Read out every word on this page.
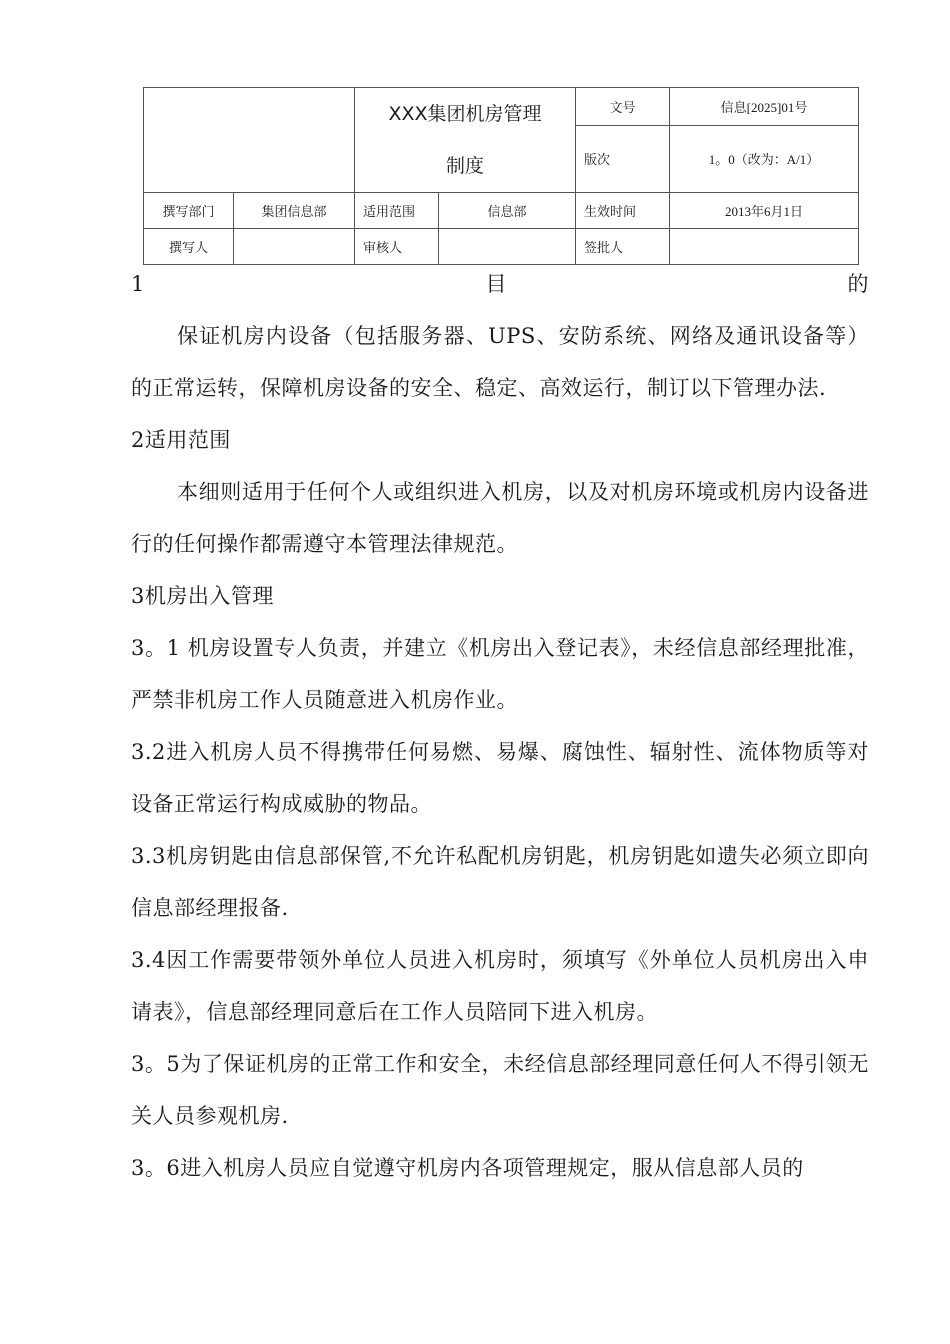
		XXX集团机房管理
制度		文号	信息[2025]01号
				版次	1。0（改为：A/1）
撰写部门	集团信息部	适用范围	信息部	生效时间	2013年6月1日
撰写人		审核人		签批人	
1	目	的

保证机房内设备（包括服务器、UPS、安防系统、网络及通讯设备等）的正常运转，保障机房设备的安全、稳定、高效运行，制订以下管理办法.

2适用范围

本细则适用于任何个人或组织进入机房，以及对机房环境或机房内设备进行的任何操作都需遵守本管理法律规范。

3机房出入管理

3。1 机房设置专人负责，并建立《机房出入登记表》，未经信息部经理批准，严禁非机房工作人员随意进入机房作业。

3.2进入机房人员不得携带任何易燃、易爆、腐蚀性、辐射性、流体物质等对设备正常运行构成威胁的物品。

3.3机房钥匙由信息部保管,不允许私配机房钥匙，机房钥匙如遗失必须立即向信息部经理报备.

3.4因工作需要带领外单位人员进入机房时，须填写《外单位人员机房出入申请表》，信息部经理同意后在工作人员陪同下进入机房。

3。5为了保证机房的正常工作和安全，未经信息部经理同意任何人不得引领无关人员参观机房.

3。6进入机房人员应自觉遵守机房内各项管理规定，服从信息部人员的
